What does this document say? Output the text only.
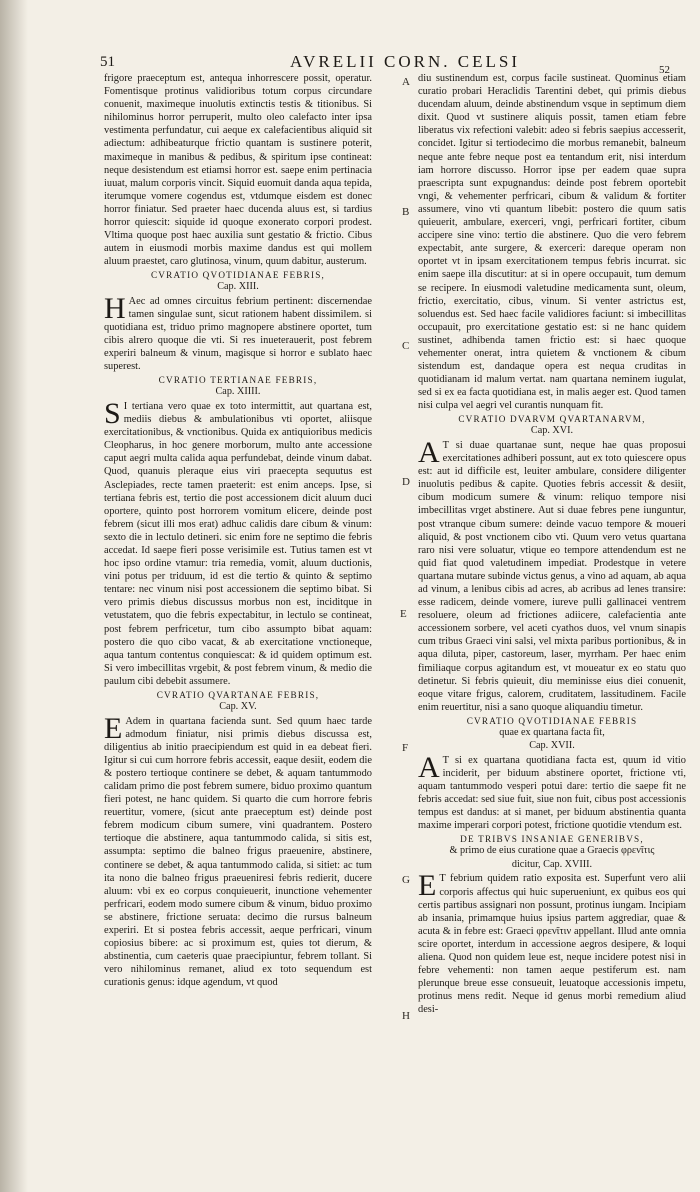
51	AVRELII CORN. CELSI	52
A
B
C
D
E
F
G
H

frigore praeceptum est, antequa inhorrescere possit, operatur. Fomentisque protinus validioribus totum corpus circundare conuenit, maximeque inuolutis extinctis testis & titionibus. Si nihilominus horror perruperit, multo oleo calefacto inter ipsa vestimenta perfundatur, cui aeque ex calefacientibus aliquid sit adiectum: adhibeaturque frictio quantam is sustinere poterit, maximeque in manibus & pedibus, & spiritum ipse contineat: neque desistendum est etiamsi horror est. saepe enim pertinacia iuuat, malum corporis vincit. Siquid euomuit danda aqua tepida, iterumque vomere cogendus est, vtdumque eisdem est donec horror finiatur. Sed praeter haec ducenda aluus est, si tardius horror quiescit: siquide id quoque exonerato corpori prodest. Vltima quoque post haec auxilia sunt gestatio & frictio. Cibus autem in eiusmodi morbis maxime dandus est qui mollem aluum praestet, caro glutinosa, vinum, quum dabitur, austerum.

CVRATIO QVOTIDIANAE FEBRIS,

Cap. XIII.

H Aec ad omnes circuitus febrium pertinent: discernendae tamen singulae sunt, sicut rationem habent dissimilem. si quotidiana est, triduo primo magnopere abstinere oportet, tum cibis alrero quoque die vti. Si res inueterauerit, post febrem experiri balneum & vinum, magisque si horror e sublato haec superest.

CVRATIO TERTIANAE FEBRIS,

Cap. XIIII.

S I tertiana vero quae ex toto intermittit, aut quartana est, mediis diebus & ambulationibus vti oportet, aliisque exercitationibus, & vnctionibus. Quida ex antiquioribus medicis Cleopharus, in hoc genere morborum, multo ante accessione caput aegri multa calida aqua perfundebat, deinde vinum dabat. Quod, quanuis pleraque eius viri praecepta sequutus est Asclepiades, recte tamen praeterit: est enim anceps. Ipse, si tertiana febris est, tertio die post accessionem dicit aluum duci oportere, quinto post horrorem vomitum elicere, deinde post febrem (sicut illi mos erat) adhuc calidis dare cibum & vinum: sexto die in lectulo detineri. sic enim fore ne septimo die febris accedat. Id saepe fieri posse verisimile est. Tutius tamen est vt hoc ipso ordine vtamur: tria remedia, vomit, aluum ductionis, vini potus per triduum, id est die tertio & quinto & septimo tentare: nec vinum nisi post accessionem die septimo bibat. Si vero primis diebus discussus morbus non est, inciditque in vetustatem, quo die febris expectabitur, in lectulo se contineat, post febrem perfricetur, tum cibo assumpto bibat aquam: postero die quo cibo vacat, & ab exercitatione vnctioneque, aqua tantum contentus conquiescat: & id quidem optimum est. Si vero imbecillitas vrgebit, & post febrem vinum, & medio die paulum cibi debebit assumere.

CVRATIO QVARTANAE FEBRIS,

Cap. XV.

E Adem in quartana facienda sunt. Sed quum haec tarde admodum finiatur, nisi primis diebus discussa est, diligentius ab initio praecipiendum est quid in ea debeat fieri. Igitur si cui cum horrore febris accessit, eaque desiit, eodem die & postero tertioque continere se debet, & aquam tantummodo calidam primo die post febrem sumere, biduo proximo quantum fieri potest, ne hanc quidem. Si quarto die cum horrore febris reuertitur, vomere, (sicut ante praeceptum est) deinde post febrem modicum cibum sumere, vini quadrantem. Postero tertioque die abstinere, aqua tantummodo calida, si sitis est, assumpta: septimo die balneo frigus praeuenire, abstinere, continere se debet, & aqua tantummodo calida, si sitiet: ac tum ita nono die balneo frigus praeueniresi febris redierit, ducere aluum: vbi ex eo corpus conquieuerit, inunctione vehementer perfricari, eodem modo sumere cibum & vinum, biduo proximo se abstinere, frictione seruata: decimo die rursus balneum experiri. Et si postea febris accessit, aeque perfricari, vinum copiosius bibere: ac si proximum est, quies tot dierum, & abstinentia, cum caeteris quae praecipiuntur, febrem tollant. Si vero nihilominus remanet, aliud ex toto sequendum est curationis genus: idque agendum, vt quod

diu sustinendum est, corpus facile sustineat. Quominus etiam curatio probari Heraclidis Tarentini debet, qui primis diebus ducendam aluum, deinde abstinendum vsque in septimum diem dixit. Quod vt sustinere aliquis possit, tamen etiam febre liberatus vix refectioni valebit: adeo si febris saepius accesserit, concidet. Igitur si tertiodecimo die morbus remanebit, balneum neque ante febre neque post ea tentandum erit, nisi interdum iam horrore discusso. Horror ipse per eadem quae supra praescripta sunt expugnandus: deinde post febrem oportebit vngi, & vehementer perfricari, cibum & validum & fortiter assumere, vino vti quantum libebit: postero die quum satis quieuerit, ambulare, exerceri, vngi, perfricari fortiter, cibum accipere sine vino: tertio die abstinere. Quo die vero febrem expectabit, ante surgere, & exerceri: dareque operam non oportet vt in ipsam exercitationem tempus febris incurrat. sic enim saepe illa discutitur: at si in opere occupauit, tum demum se recipere. In eiusmodi valetudine medicamenta sunt, oleum, frictio, exercitatio, cibus, vinum. Si venter astrictus est, soluendus est. Sed haec facile validiores faciunt: si imbecillitas occupauit, pro exercitatione gestatio est: si ne hanc quidem sustinet, adhibenda tamen frictio est: si haec quoque vehementer onerat, intra quietem & vnctionem & cibum sistendum est, dandaque opera est nequa cruditas in quotidianam id malum vertat. nam quartana neminem iugulat, sed si ex ea facta quotidiana est, in malis aeger est. Quod tamen nisi culpa vel aegri vel curantis nunquam fit.

CVRATIO DVARVM QVARTANARVM,

Cap. XVI.

A T si duae quartanae sunt, neque hae quas proposui exercitationes adhiberi possunt, aut ex toto quiescere opus est: aut id difficile est, leuiter ambulare, considere diligenter inuolutis pedibus & capite. Quoties febris accessit & desiit, cibum modicum sumere & vinum: reliquo tempore nisi imbecillitas vrget abstinere. Aut si duae febres pene iunguntur, post vtranque cibum sumere: deinde vacuo tempore & moueri aliquid, & post vnctionem cibo vti. Quum vero vetus quartana raro nisi vere soluatur, vtique eo tempore attendendum est ne quid fiat quod valetudinem impediat. Prodestque in vetere quartana mutare subinde victus genus, a vino ad aquam, ab aqua ad vinum, a lenibus cibis ad acres, ab acribus ad lenes transire: esse radicem, deinde vomere, iureve pulli gallinacei ventrem resoluere, oleum ad frictiones adiicere, calefacientia ante accessionem sorbere, vel aceti cyathos duos, vel vnum sinapis cum tribus Graeci vini salsi, vel mixta paribus portionibus, & in aqua diluta, piper, castoreum, laser, myrrham. Per haec enim fimiliaque corpus agitandum est, vt moueatur ex eo statu quo detinetur. Si febris quieuit, diu meminisse eius diei conuenit, eoque vitare frigus, calorem, cruditatem, lassitudinem. Facile enim reuertitur, nisi a sano quoque aliquandiu timetur.

CVRATIO QVOTIDIANAE FEBRIS

quae ex quartana facta fit,

Cap. XVII.

A T si ex quartana quotidiana facta est, quum id vitio inciderit, per biduum abstinere oportet, frictione vti, aquam tantummodo vesperi potui dare: tertio die saepe fit ne febris accedat: sed siue fuit, siue non fuit, cibus post accessionis tempus est dandus: at si manet, per biduum abstinentia quanta maxime imperari corpori potest, frictione quotidie vtendum est.

DE TRIBVS INSANIAE GENERIBVS,

& primo de eius curatione quae a Graecis φρενῖτις

dicitur, Cap. XVIII.

E T febrium quidem ratio exposita est. Superfunt vero alii corporis affectus qui huic superueniunt, ex quibus eos qui certis partibus assignari non possunt, protinus iungam. Incipiam ab insania, primamque huius ipsius partem aggrediar, quae & acuta & in febre est: Graeci φρενῖτιν appellant. Illud ante omnia scire oportet, interdum in accessione aegros desipere, & loqui aliena. Quod non quidem leue est, neque incidere potest nisi in febre vehementi: non tamen aeque pestiferum est. nam plerunque breue esse consueuit, leuatoque accessionis impetu, protinus mens redit. Neque id genus morbi remedium aliud desi-
